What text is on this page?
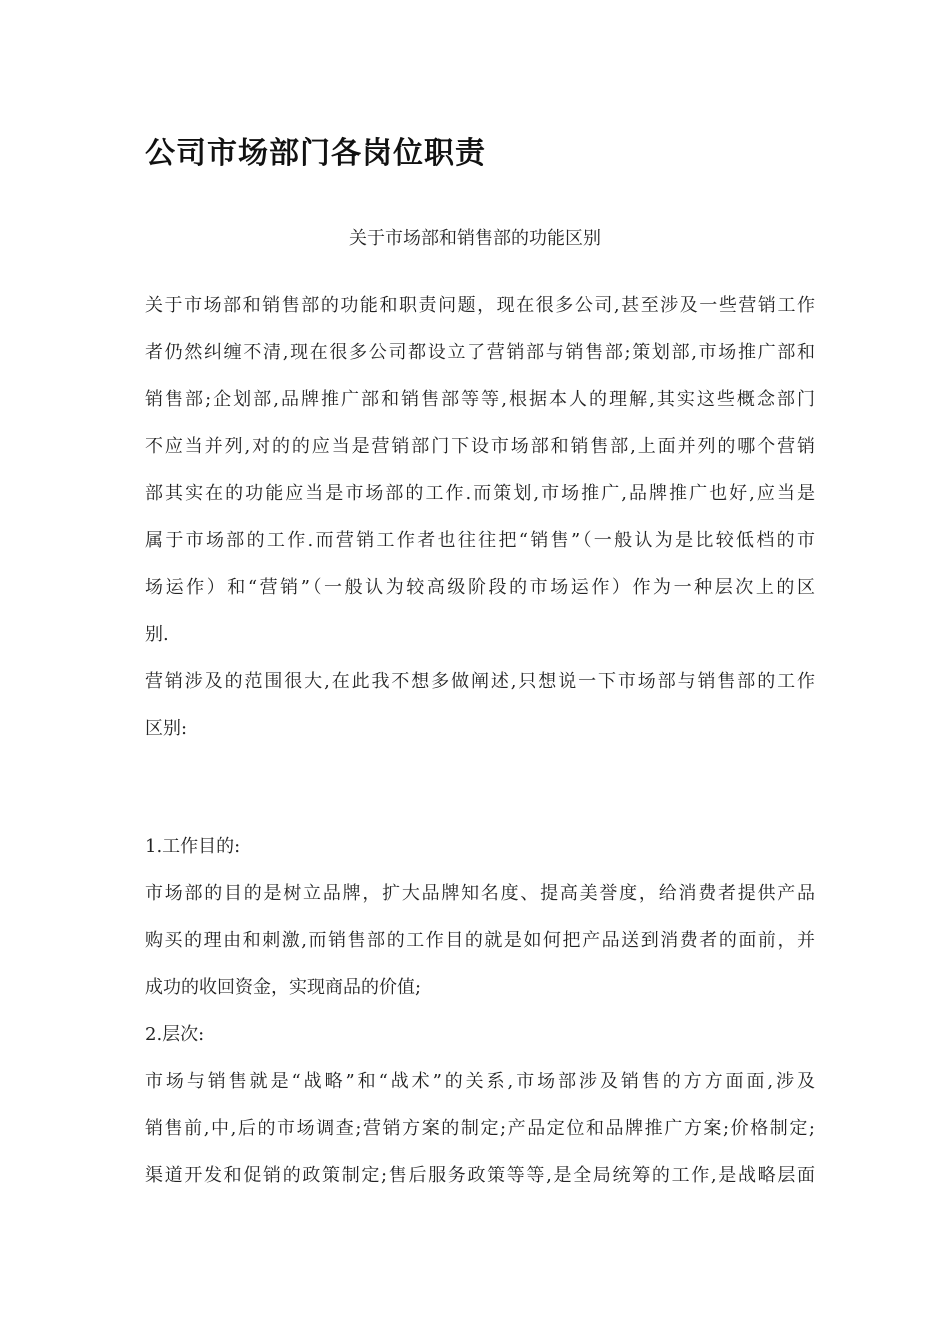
公司市场部门各岗位职责
关于市场部和销售部的功能区别
关于市场部和销售部的功能和职责问题，现在很多公司,甚至涉及一些营销工作
者仍然纠缠不清,现在很多公司都设立了营销部与销售部;策划部,市场推广部和
销售部;企划部,品牌推广部和销售部等等,根据本人的理解,其实这些概念部门
不应当并列,对的的应当是营销部门下设市场部和销售部,上面并列的哪个营销
部其实在的功能应当是市场部的工作.而策划,市场推广,品牌推广也好,应当是
属于市场部的工作.而营销工作者也往往把“销售”（一般认为是比较低档的市
场运作）和“营销”（一般认为较高级阶段的市场运作）作为一种层次上的区
别.
营销涉及的范围很大,在此我不想多做阐述,只想说一下市场部与销售部的工作
区别:
1.工作目的:
市场部的目的是树立品牌，扩大品牌知名度、提高美誉度，给消费者提供产品
购买的理由和刺激,而销售部的工作目的就是如何把产品送到消费者的面前，并
成功的收回资金，实现商品的价值;
2.层次:
市场与销售就是“战略”和“战术”的关系,市场部涉及销售的方方面面,涉及
销售前,中,后的市场调查;营销方案的制定;产品定位和品牌推广方案;价格制定;
渠道开发和促销的政策制定;售后服务政策等等,是全局统筹的工作,是战略层面
